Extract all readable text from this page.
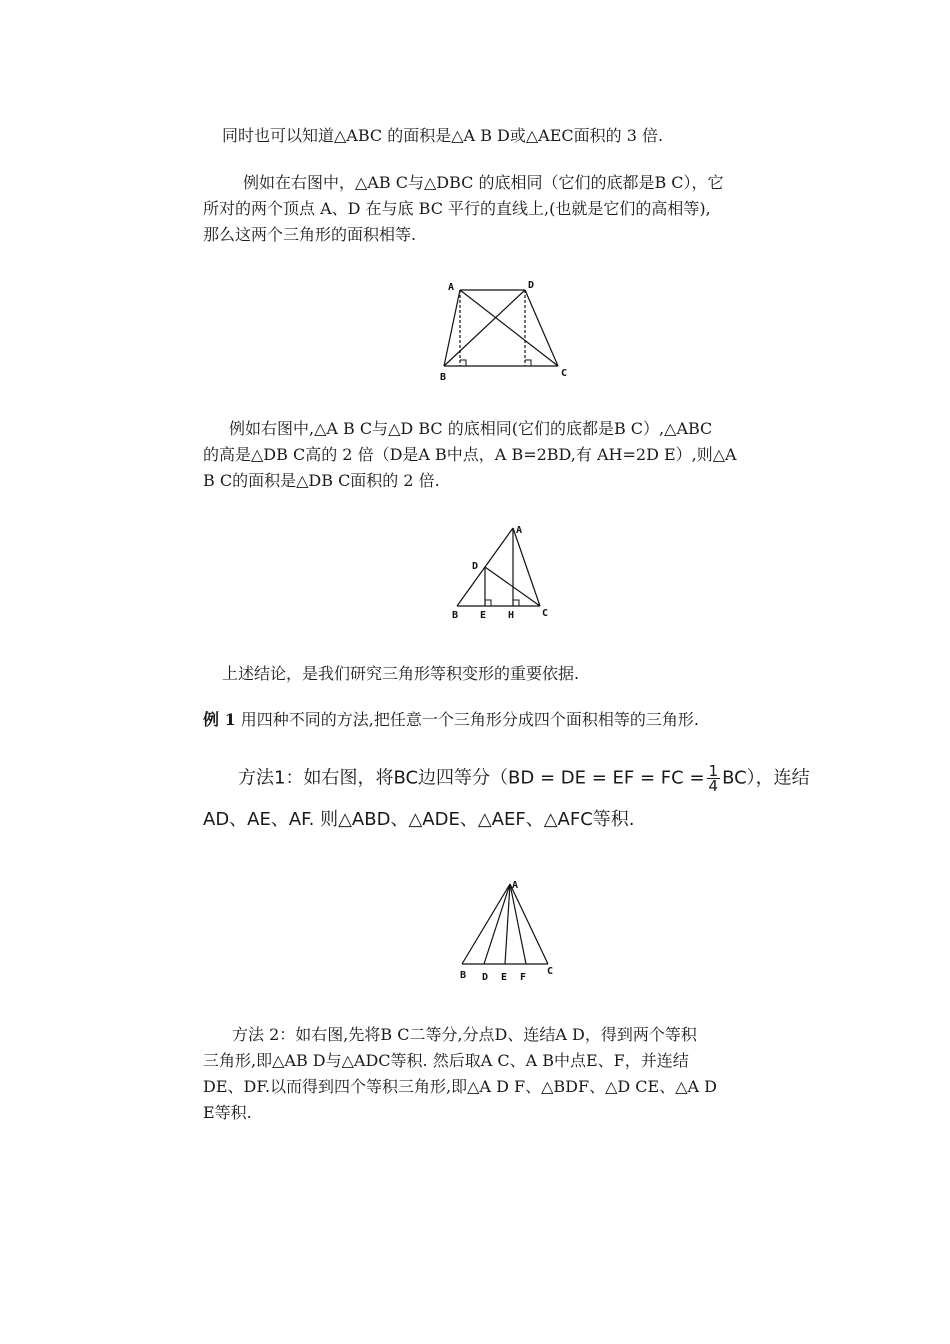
同时也可以知道△ABC 的面积是△A B D或△AEC面积的 3 倍.
例如在右图中，△AB C与△DBC 的底相同（它们的底都是B C），它
所对的两个顶点 A、D 在与底 BC 平行的直线上,(也就是它们的高相等),
那么这两个三角形的面积相等.
A	D
B	C
例如右图中,△A B C与△D BC 的底相同(它们的底都是B C）,△ABC
的高是△DB C高的 2 倍（D是A B中点，A B=2BD,有 AH=2D E）,则△A
B C的面积是△DB C面积的 2 倍.
A
D
B E H	C
上述结论，是我们研究三角形等积变形的重要依据.
例 1 用四种不同的方法,把任意一个三角形分成四个面积相等的三角形.
方法1：如右图，将BC边四等分（BD = DE = EF = FC = $\frac{1}{4} BC$），连结
AD、AE、AF. 则△ABD、△ADE、△AEF、△AFC等积.
A
B D E F
C
方法 2：如右图,先将B C二等分,分点D、连结A D，得到两个等积
三角形,即△AB D与△ADC等积. 然后取A C、A B中点E、F，并连结
DE、DF.以而得到四个等积三角形,即△A D F、△BDF、△D CE、△A D
E等积.
